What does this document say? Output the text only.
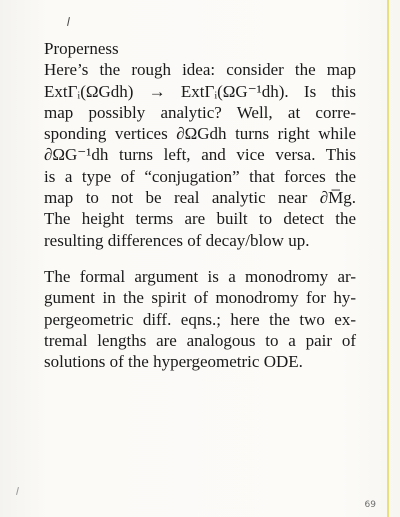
Properness
Here’s the rough idea: consider the map
ExtΓᵢ(ΩGdh) → ExtΓᵢ(ΩG⁻¹dh). Is this
map possibly analytic? Well, at corre-
sponding vertices ∂ΩGdh turns right while
∂ΩG⁻¹dh turns left, and vice versa. This
is a type of “conjugation” that forces the
map to not be real analytic near ∂M̅g.
The height terms are built to detect the
resulting differences of decay/blow up.
The formal argument is a monodromy ar-
gument in the spirit of monodromy for hy-
pergeometric diff. eqns.; here the two ex-
tremal lengths are analogous to a pair of
solutions of the hypergeometric ODE.
69
